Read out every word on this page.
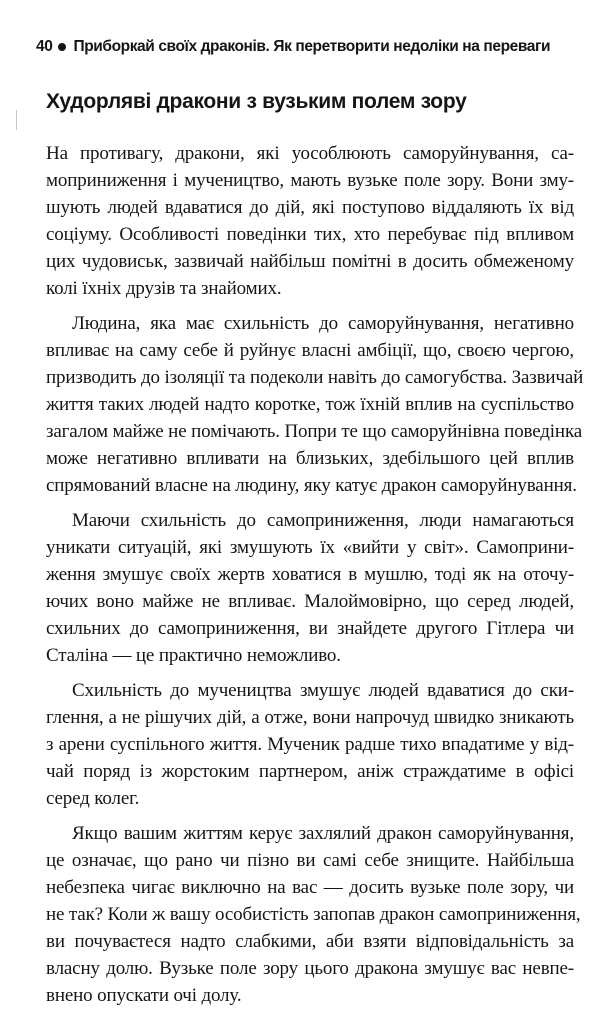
40 Приборкай своїх драконів. Як перетворити недоліки на переваги
Худорляві дракони з вузьким полем зору
На противагу, дракони, які уособлюють саморуйнування, са-
моприниження і мучеництво, мають вузьке поле зору. Вони зму-
шують людей вдаватися до дій, які поступово віддаляють їх від
соціуму. Особливості поведінки тих, хто перебуває під впливом
цих чудовиськ, зазвичай найбільш помітні в досить обмеженому
колі їхніх друзів та знайомих.
Людина, яка має схильність до саморуйнування, негативно
впливає на саму себе й руйнує власні амбіції, що, своєю чергою,
призводить до ізоляції та подеколи навіть до самогубства. Зазвичай
життя таких людей надто коротке, тож їхній вплив на суспільство
загалом майже не помічають. Попри те що саморуйнівна поведінка
може негативно впливати на близьких, здебільшого цей вплив
спрямований власне на людину, яку катує дракон саморуйнування.
Маючи схильність до самоприниження, люди намагаються
уникати ситуацій, які змушують їх «вийти у світ». Самоприни-
ження змушує своїх жертв ховатися в мушлю, тоді як на оточу-
ючих воно майже не впливає. Малоймовірно, що серед людей,
схильних до самоприниження, ви знайдете другого Гітлера чи
Сталіна — це практично неможливо.
Схильність до мучеництва змушує людей вдаватися до ски-
глення, а не рішучих дій, а отже, вони напрочуд швидко зникають
з арени суспільного життя. Мученик радше тихо впадатиме у від-
чай поряд із жорстоким партнером, аніж страждатиме в офісі
серед колег.
Якщо вашим життям керує захлялий дракон саморуйнування,
це означає, що рано чи пізно ви самі себе знищите. Найбільша
небезпека чигає виключно на вас — досить вузьке поле зору, чи
не так? Коли ж вашу особистість запопав дракон самоприниження,
ви почуваєтеся надто слабкими, аби взяти відповідальність за
власну долю. Вузьке поле зору цього дракона змушує вас невпе-
внено опускати очі долу.
